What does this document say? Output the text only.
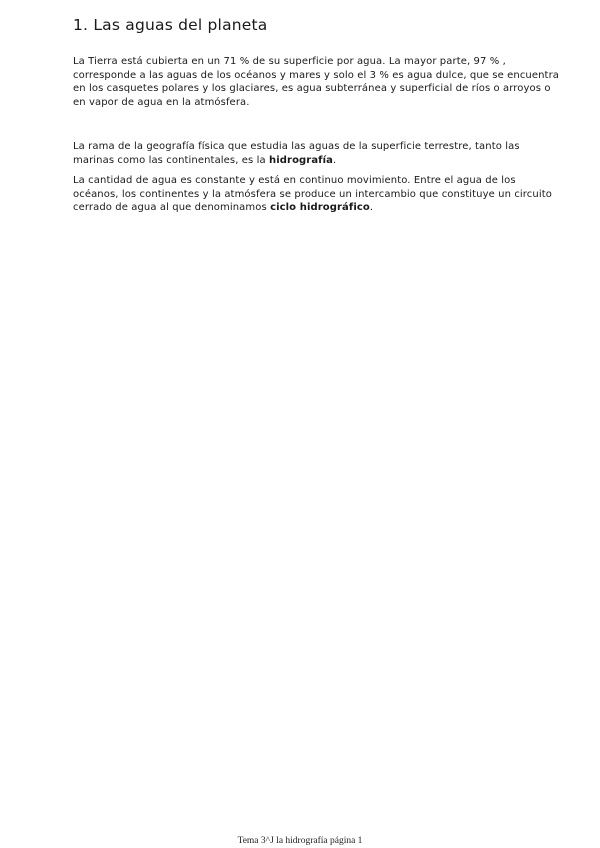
1. Las aguas del planeta

La Tierra está cubierta en un 71 % de su superficie por agua. La mayor parte, 97 % , corresponde a las aguas de los océanos y mares y solo el 3 % es agua dulce, que se encuentra en los casquetes polares y los glaciares, es agua subterránea y superficial de ríos o arroyos o en vapor de agua en la atmósfera.

La rama de la geografía física que estudia las aguas de la superficie terrestre, tanto las marinas como las continentales, es la hidrografía.

La cantidad de agua es constante y está en continuo movimiento. Entre el agua de los océanos, los continentes y la atmósfera se produce un intercambio que constituye un circuito cerrado de agua al que denominamos ciclo hidrográfico.

Tema 3^J la hidrografía página 1
